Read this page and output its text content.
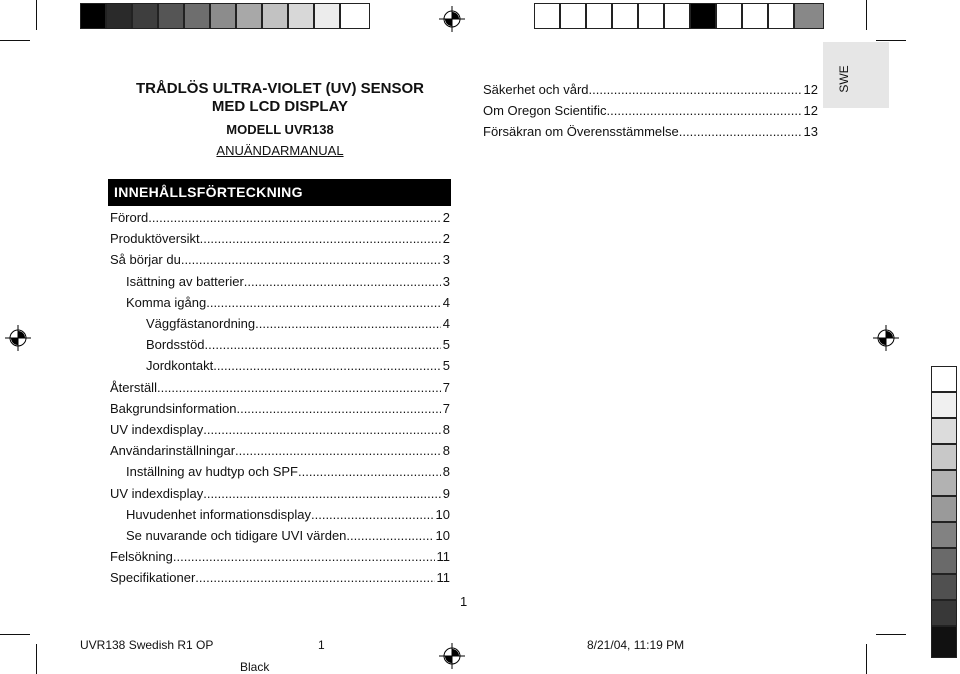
SWE
TRÅDLÖS ULTRA-VIOLET (UV) SENSOR
MED LCD DISPLAY
MODELL UVR138
ANUÄNDARMANUAL
Säkerhet och vård .....	12
Om Oregon Scientific .....	12
Försäkran om Överensstämmelse .....	13
INNEHÅLLSFÖRTECKNING
Förord .....	2
Produktöversikt .....	2
Så börjar du .....	3
Isättning av batterier .....	3
Komma igång .....	4
Väggfästanordning .....	4
Bordsstöd .....	5
Jordkontakt .....	5
Återställ .....	7
Bakgrundsinformation .....	7
UV indexdisplay .....	8
Användarinställningar .....	8
Inställning av hudtyp och SPF .....	8
UV indexdisplay .....	9
Huvudenhet informationsdisplay .....	10
Se nuvarande och tidigare UVI värden .....	10
Felsökning .....	11
Specifikationer .....	11
1
UVR138 Swedish R1 OP	1	8/21/04, 11:19 PM
Black
